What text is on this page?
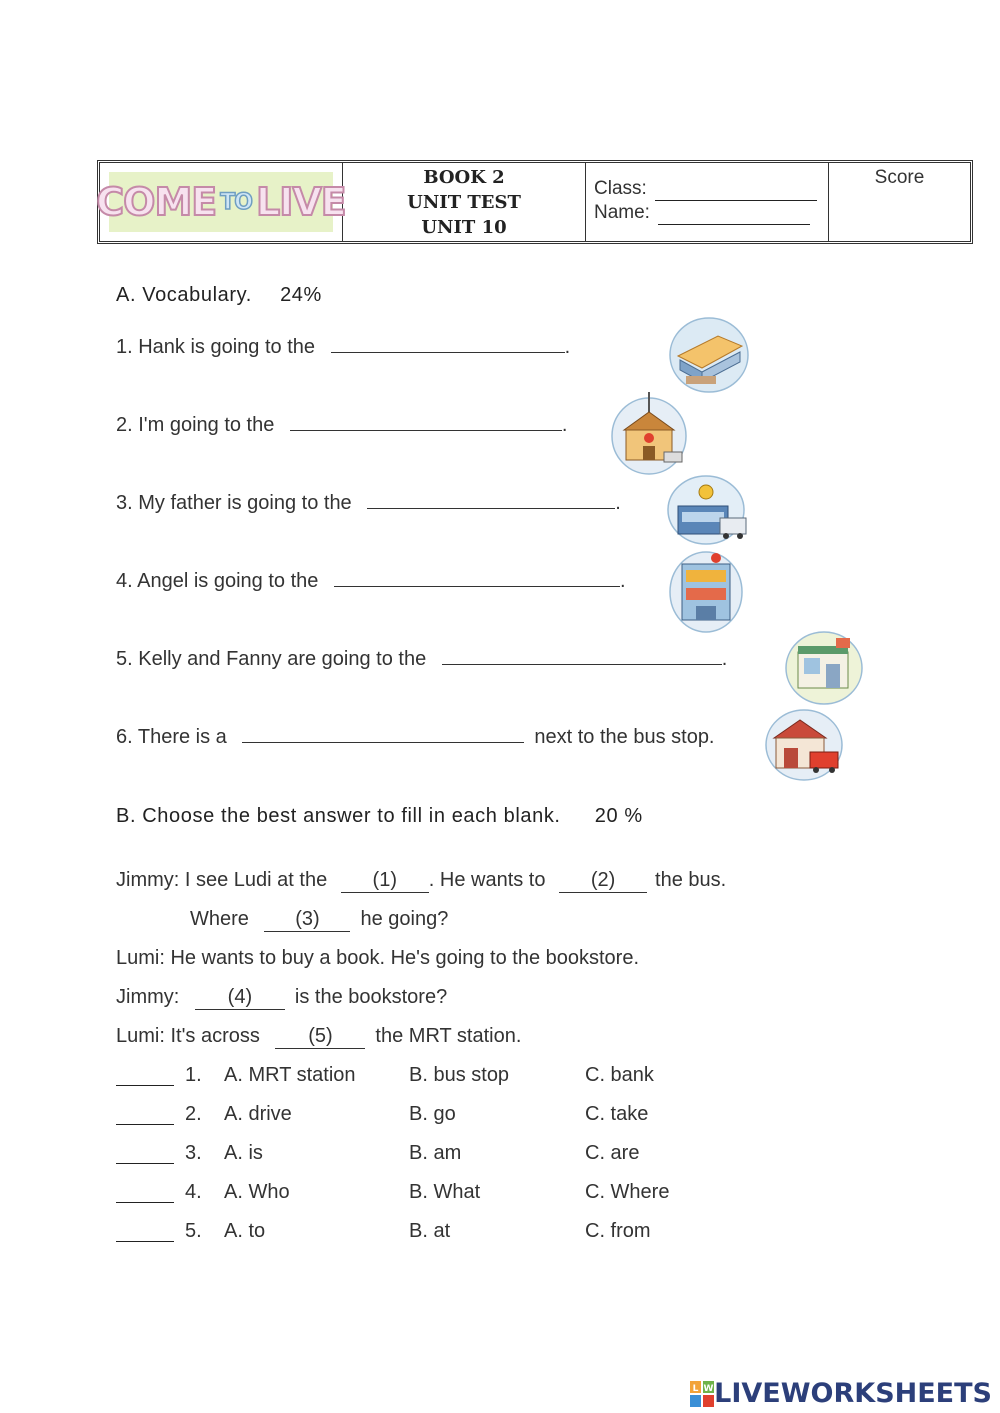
COME TO LIVE
BOOK 2
UNIT TEST
UNIT 10
Class:
Name:
Score
A. Vocabulary. 24%
1. Hank is going to the	.
2. I'm going to the	.
3. My father is going to the	.
4. Angel is going to the	.
5. Kelly and Fanny are going to the	.
6. There is a	next to the bus stop.
B. Choose the best answer to fill in each blank. 20 %
Jimmy: I see Ludi at the (1) . He wants to (2) the bus.
Where (3) he going?
Lumi: He wants to buy a book. He's going to the bookstore.
Jimmy: (4) is the bookstore?
Lumi: It's across (5) the MRT station.
1. A. MRT station	B. bus stop	C. bank
2. A. drive	B. go	C. take
3. A. is	B. am	C. are
4. A. Who	B. What	C. Where
5. A. to	B. at	C. from
L W LIVEWORKSHEETS
